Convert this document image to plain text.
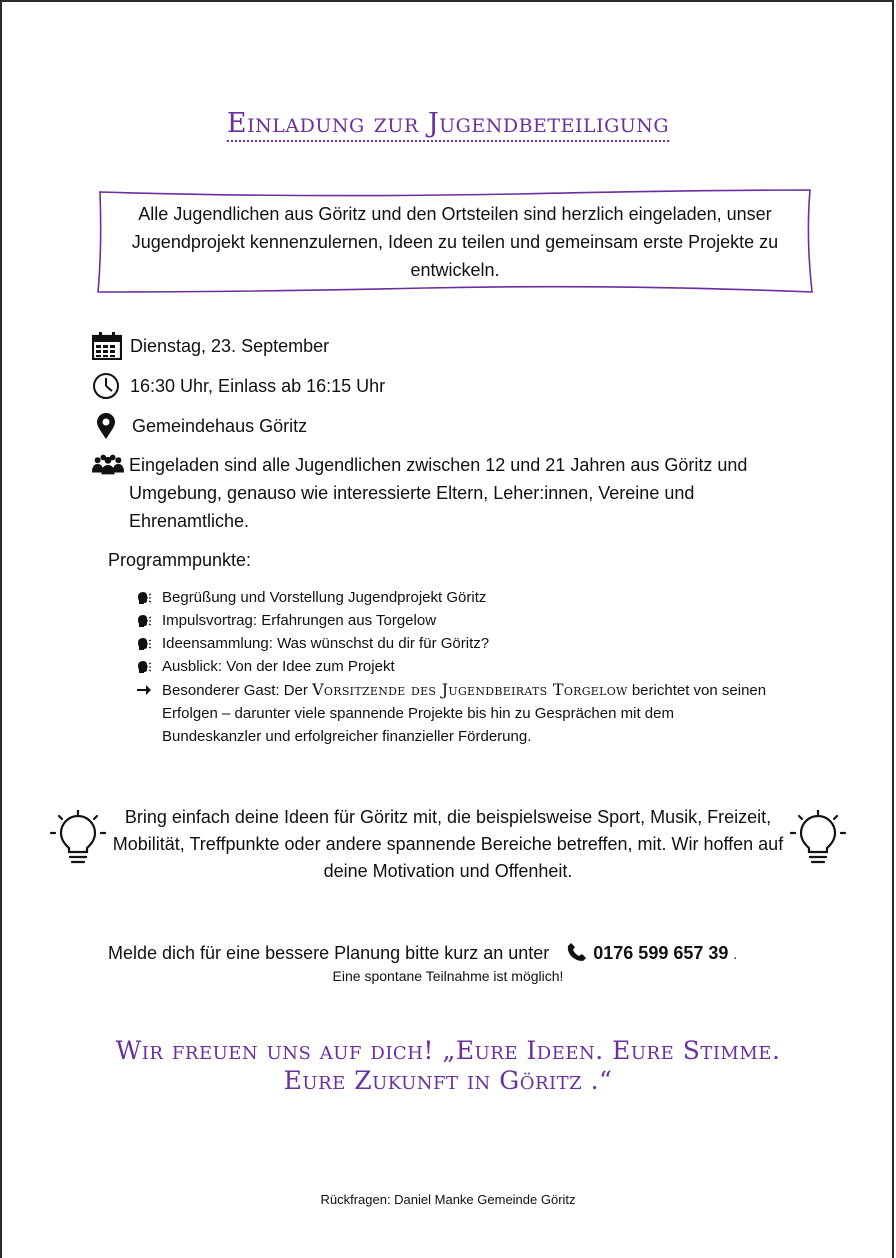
Einladung zur Jugendbeteiligung
Alle Jugendlichen aus Göritz und den Ortsteilen sind herzlich eingeladen, unser Jugendprojekt kennenzulernen, Ideen zu teilen und gemeinsam erste Projekte zu entwickeln.
Dienstag, 23. September
16:30 Uhr, Einlass ab 16:15 Uhr
Gemeindehaus Göritz
Eingeladen sind alle Jugendlichen zwischen 12 und 21 Jahren aus Göritz und Umgebung, genauso wie interessierte Eltern, Leher:innen, Vereine und Ehrenamtliche.
Programmpunkte:
Begrüßung und Vorstellung Jugendprojekt Göritz
Impulsvortrag: Erfahrungen aus Torgelow
Ideensammlung: Was wünschst du dir für Göritz?
Ausblick: Von der Idee zum Projekt
Besonderer Gast: Der Vorsitzende des Jugendbeirats Torgelow berichtet von seinen Erfolgen – darunter viele spannende Projekte bis hin zu Gesprächen mit dem Bundeskanzler und erfolgreicher finanzieller Förderung.
Bring einfach deine Ideen für Göritz mit, die beispielsweise Sport, Musik, Freizeit, Mobilität, Treffpunkte oder andere spannende Bereiche betreffen, mit. Wir hoffen auf deine Motivation und Offenheit.
Melde dich für eine bessere Planung bitte kurz an unter 0176 599 657 39 .
Eine spontane Teilnahme ist möglich!
Wir freuen uns auf dich! „Eure Ideen. Eure Stimme.
Eure Zukunft in Göritz .“
Rückfragen: Daniel Manke Gemeinde Göritz
